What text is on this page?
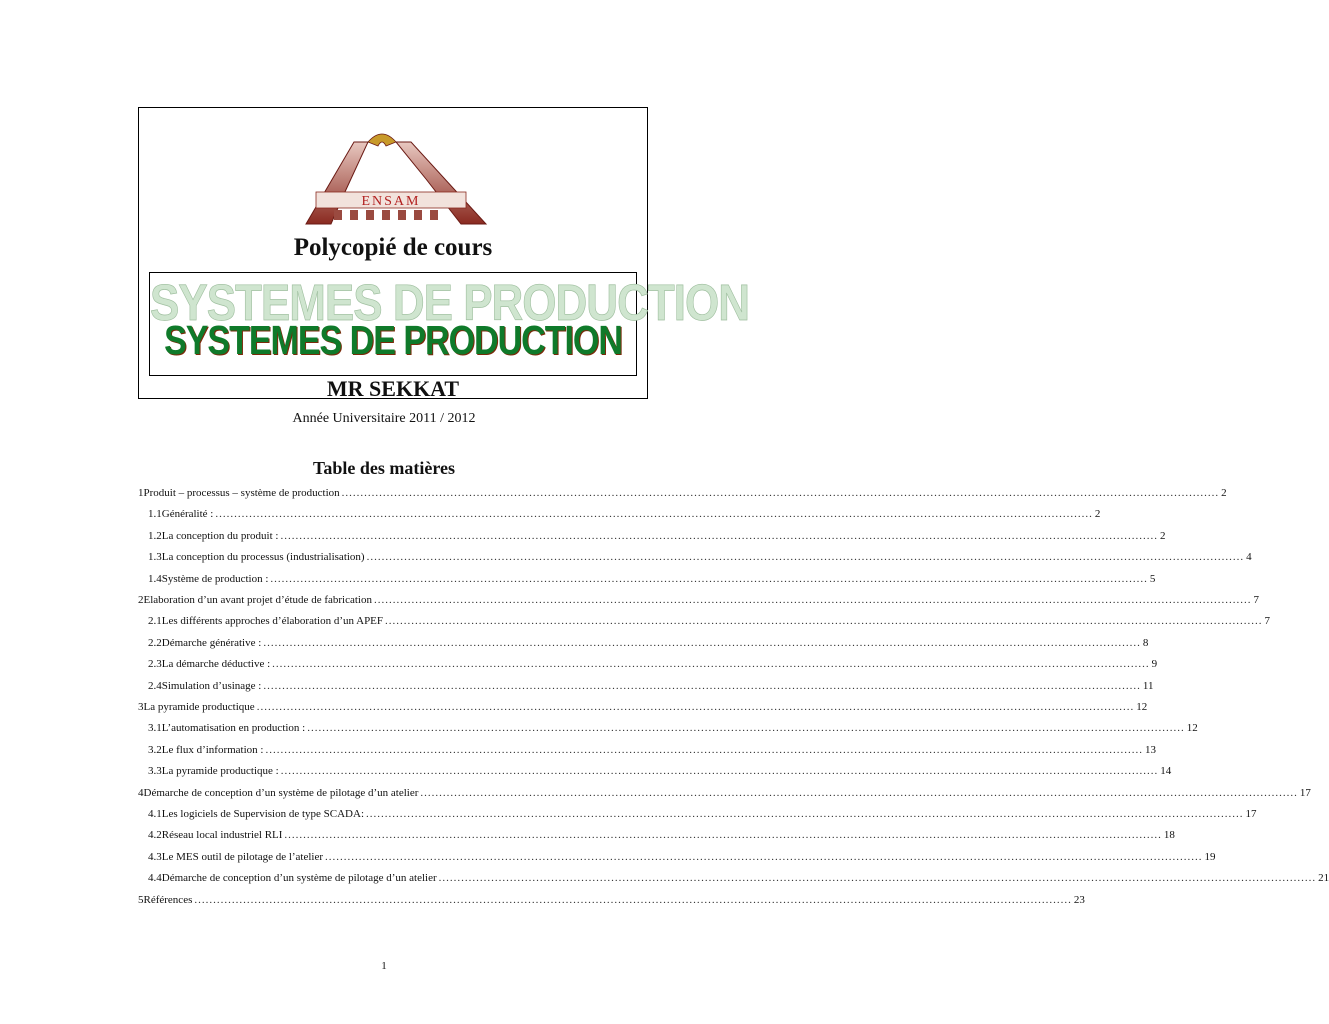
ENSAM
Polycopié de cours
SYSTEMES DE PRODUCTION
SYSTEMES DE PRODUCTION
MR SEKKAT
Année Universitaire 2011 / 2012
Table des matières
1 Produit – processus – système de production .....	2
1.1 Généralité : .....	2
1.2 La conception du produit : .....	2
1.3 La conception du processus (industrialisation) .....	4
1.4 Système de production : .....	5
2 Elaboration d’un avant projet d’étude de fabrication .....	7
2.1 Les différents approches d’élaboration d’un APEF .....	7
2.2 Démarche générative : .....	8
2.3 La démarche déductive : .....	9
2.4 Simulation d’usinage : .....	11
3 La pyramide productique .....	12
3.1 L’automatisation en production : .....	12
3.2 Le flux d’information : .....	13
3.3 La pyramide productique : .....	14
4 Démarche de conception d’un système de pilotage d’un atelier .....	17
4.1 Les logiciels de Supervision de type SCADA: .....	17
4.2 Réseau local industriel RLI .....	18
4.3 Le MES outil de pilotage de l’atelier .....	19
4.4 Démarche de conception d’un système de pilotage d’un atelier .....	21
5 Références .....	23
1
